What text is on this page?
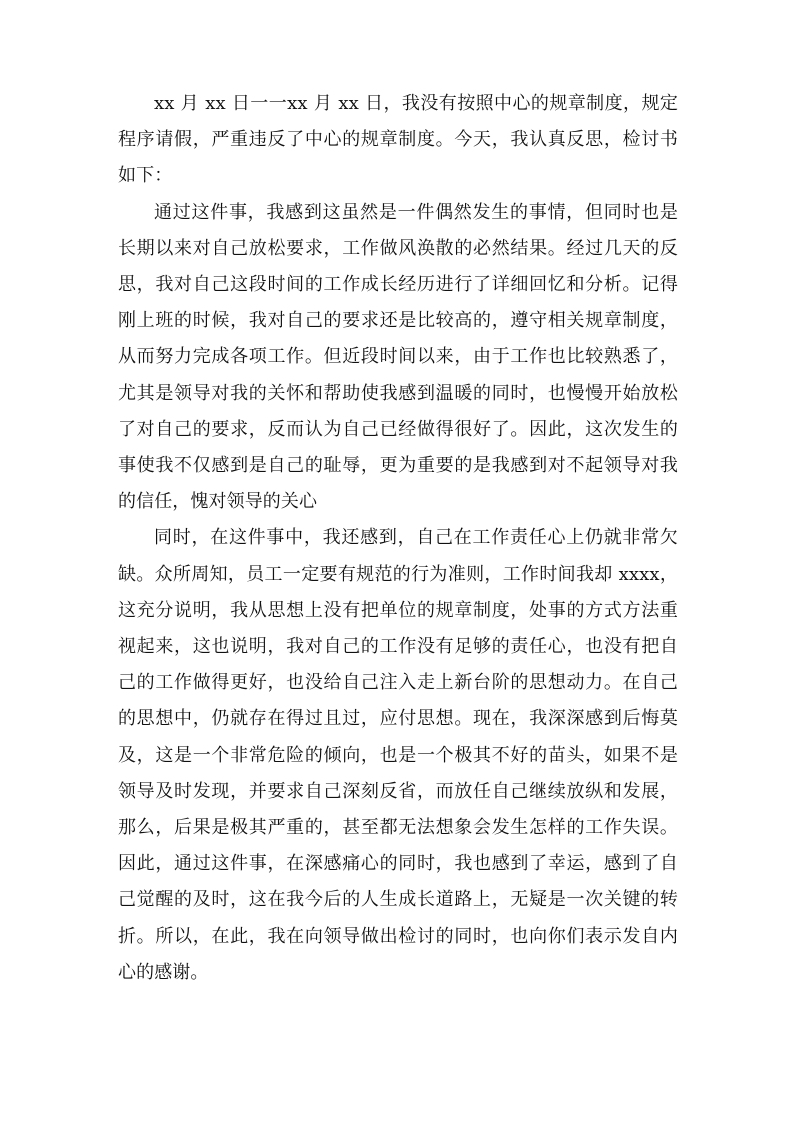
xx 月 xx 日一一xx 月 xx 日，我没有按照中心的规章制度，规定程序请假，严重违反了中心的规章制度。今天，我认真反思，检讨书如下：

通过这件事，我感到这虽然是一件偶然发生的事情，但同时也是长期以来对自己放松要求，工作做风涣散的必然结果。经过几天的反思，我对自己这段时间的工作成长经历进行了详细回忆和分析。记得刚上班的时候，我对自己的要求还是比较高的，遵守相关规章制度，从而努力完成各项工作。但近段时间以来，由于工作也比较熟悉了，尤其是领导对我的关怀和帮助使我感到温暖的同时，也慢慢开始放松了对自己的要求，反而认为自己已经做得很好了。因此，这次发生的事使我不仅感到是自己的耻辱，更为重要的是我感到对不起领导对我的信任，愧对领导的关心

同时，在这件事中，我还感到，自己在工作责任心上仍就非常欠缺。众所周知，员工一定要有规范的行为准则，工作时间我却 xxxx，这充分说明，我从思想上没有把单位的规章制度，处事的方式方法重视起来，这也说明，我对自己的工作没有足够的责任心，也没有把自己的工作做得更好，也没给自己注入走上新台阶的思想动力。在自己的思想中，仍就存在得过且过，应付思想。现在，我深深感到后悔莫及，这是一个非常危险的倾向，也是一个极其不好的苗头，如果不是领导及时发现，并要求自己深刻反省，而放任自己继续放纵和发展，那么，后果是极其严重的，甚至都无法想象会发生怎样的工作失误。因此，通过这件事，在深感痛心的同时，我也感到了幸运，感到了自己觉醒的及时，这在我今后的人生成长道路上，无疑是一次关键的转折。所以，在此，我在向领导做出检讨的同时，也向你们表示发自内心的感谢。
